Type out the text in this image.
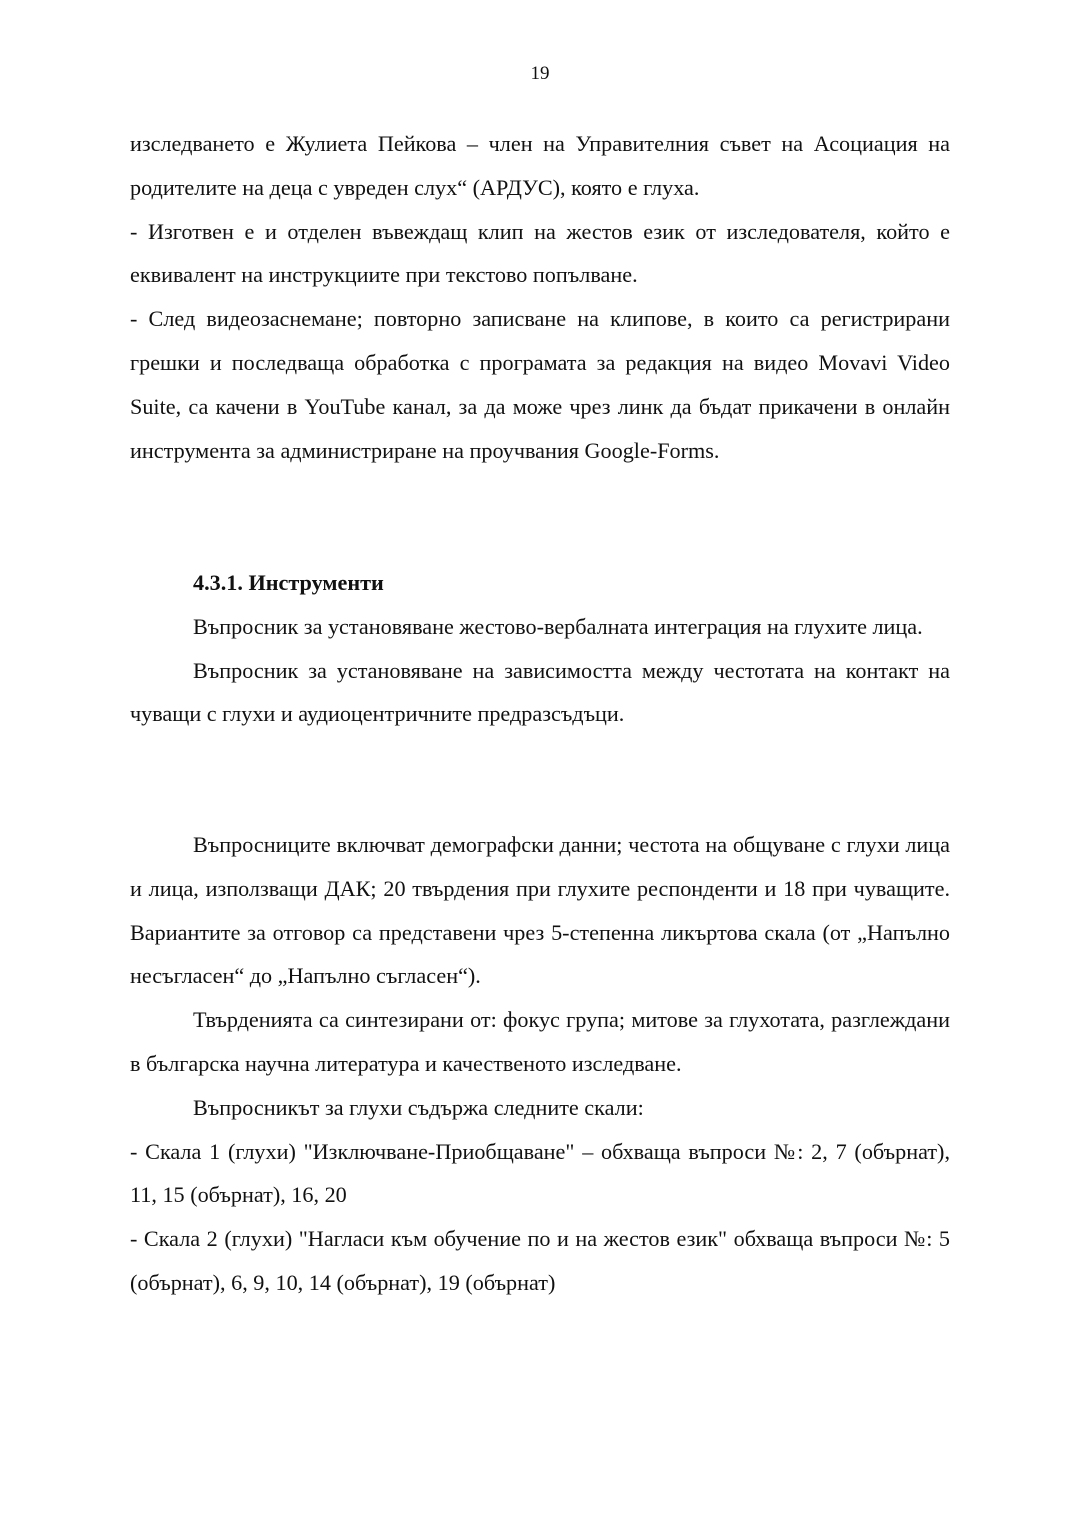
19

изследването е Жулиета Пейкова – член на Управителния съвет на Асоциация на родителите на деца с увреден слух“ (АРДУС), която е глуха.

- Изготвен е и отделен въвеждащ клип на жестов език от изследователя, който е еквивалент на инструкциите при текстово попълване.

- След видеозаснемане; повторно записване на клипове, в които са регистрирани грешки и последваща обработка с програмата за редакция на видео Movavi Video Suite, са качени в YouTube канал, за да може чрез линк да бъдат прикачени в онлайн инструмента за администриране на проучвания Google-Forms.

4.3.1. Инструменти

Въпросник за установяване жестово-вербалната интеграция на глухите лица.

Въпросник за установяване на зависимостта между честотата на контакт на чуващи с глухи и аудиоцентричните предразсъдъци.

Въпросниците включват демографски данни; честота на общуване с глухи лица и лица, използващи ДАК; 20 твърдения при глухите респонденти и 18 при чуващите. Вариантите за отговор са представени чрез 5-степенна ликъртова скала (от „Напълно несъгласен“ до „Напълно съгласен“).

Твърденията са синтезирани от: фокус група; митове за глухотата, разглеждани в българска научна литература и качественото изследване.

Въпросникът за глухи съдържа следните скали:

- Скала 1 (глухи) "Изключване-Приобщаване" – обхваща въпроси №: 2, 7 (обърнат), 11, 15 (обърнат), 16, 20

- Скала 2 (глухи) "Нагласи към обучение по и на жестов език" обхваща въпроси №: 5 (обърнат), 6, 9, 10, 14 (обърнат), 19 (обърнат)
